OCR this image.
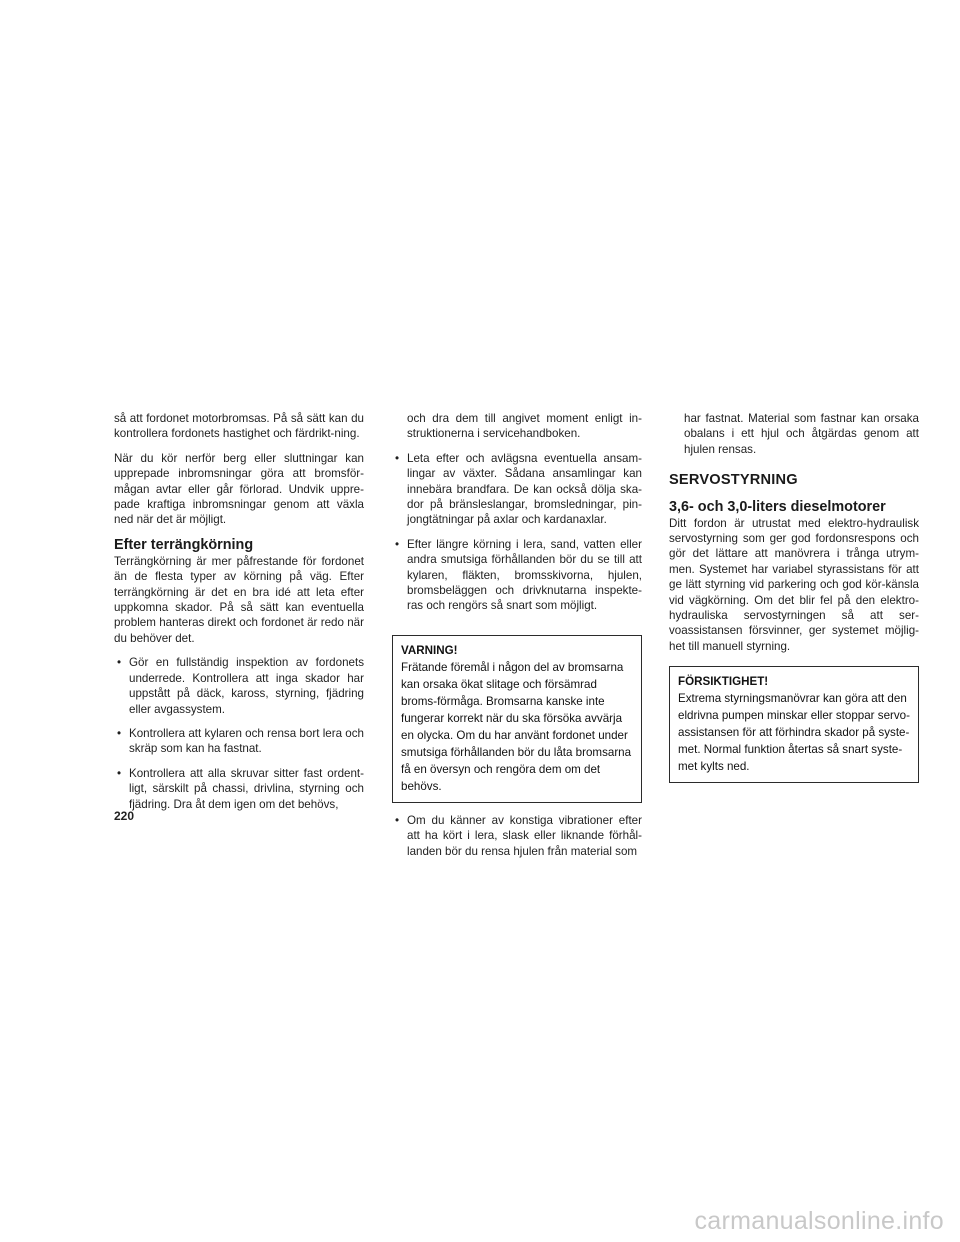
så att fordonet motorbromsas. På så sätt kan du kontrollera fordonets hastighet och färdrikt-ning.

När du kör nerför berg eller sluttningar kan upprepade inbromsningar göra att bromsför-mågan avtar eller går förlorad. Undvik uppre-pade kraftiga inbromsningar genom att växla ned när det är möjligt.

Efter terrängkörning

Terrängkörning är mer påfrestande för fordonet än de flesta typer av körning på väg. Efter terrängkörning är det en bra idé att leta efter uppkomna skador. På så sätt kan eventuella problem hanteras direkt och fordonet är redo när du behöver det.

• Gör en fullständig inspektion av fordonets underrede. Kontrollera att inga skador har uppstått på däck, kaross, styrning, fjädring eller avgassystem.
• Kontrollera att kylaren och rensa bort lera och skräp som kan ha fastnat.
• Kontrollera att alla skruvar sitter fast ordent-ligt, särskilt på chassi, drivlina, styrning och fjädring. Dra åt dem igen om det behövs,
och dra dem till angivet moment enligt in-struktionerna i servicehandboken.
• Leta efter och avlägsna eventuella ansam-lingar av växter. Sådana ansamlingar kan innebära brandfara. De kan också dölja ska-dor på bränsleslangar, bromsledningar, pin-jongtätningar på axlar och kardanaxlar.
• Efter längre körning i lera, sand, vatten eller andra smutsiga förhållanden bör du se till att kylaren, fläkten, bromsskivorna, hjulen, bromsbeläggen och drivknutarna inspekte-ras och rengörs så snart som möjligt.
VARNING!
Frätande föremål i någon del av bromsarna kan orsaka ökat slitage och försämrad broms-förmåga. Bromsarna kanske inte fungerar korrekt när du ska försöka avvärja en olycka. Om du har använt fordonet under smutsiga förhållanden bör du låta bromsarna få en översyn och rengöra dem om det behövs.
• Om du känner av konstiga vibrationer efter att ha kört i lera, slask eller liknande förhål-landen bör du rensa hjulen från material som
har fastnat. Material som fastnar kan orsaka obalans i ett hjul och åtgärdas genom att hjulen rensas.
SERVOSTYRNING
3,6- och 3,0-liters dieselmotorer

Ditt fordon är utrustat med elektro-hydraulisk servostyrning som ger god fordonsrespons och gör det lättare att manövrera i trånga utrym-men. Systemet har variabel styrassistans för att ge lätt styrning vid parkering och god kör-känsla vid vägkörning. Om det blir fel på den elektro-hydrauliska servostyrningen så att ser-voassistansen försvinner, ger systemet möjlig-het till manuell styrning.

FÖRSIKTIGHET!
Extrema styrningsmanövrar kan göra att den eldrivna pumpen minskar eller stoppar servo-assistansen för att förhindra skador på syste-met. Normal funktion återtas så snart syste-met kylts ned.
220
carmanualsonline.info
